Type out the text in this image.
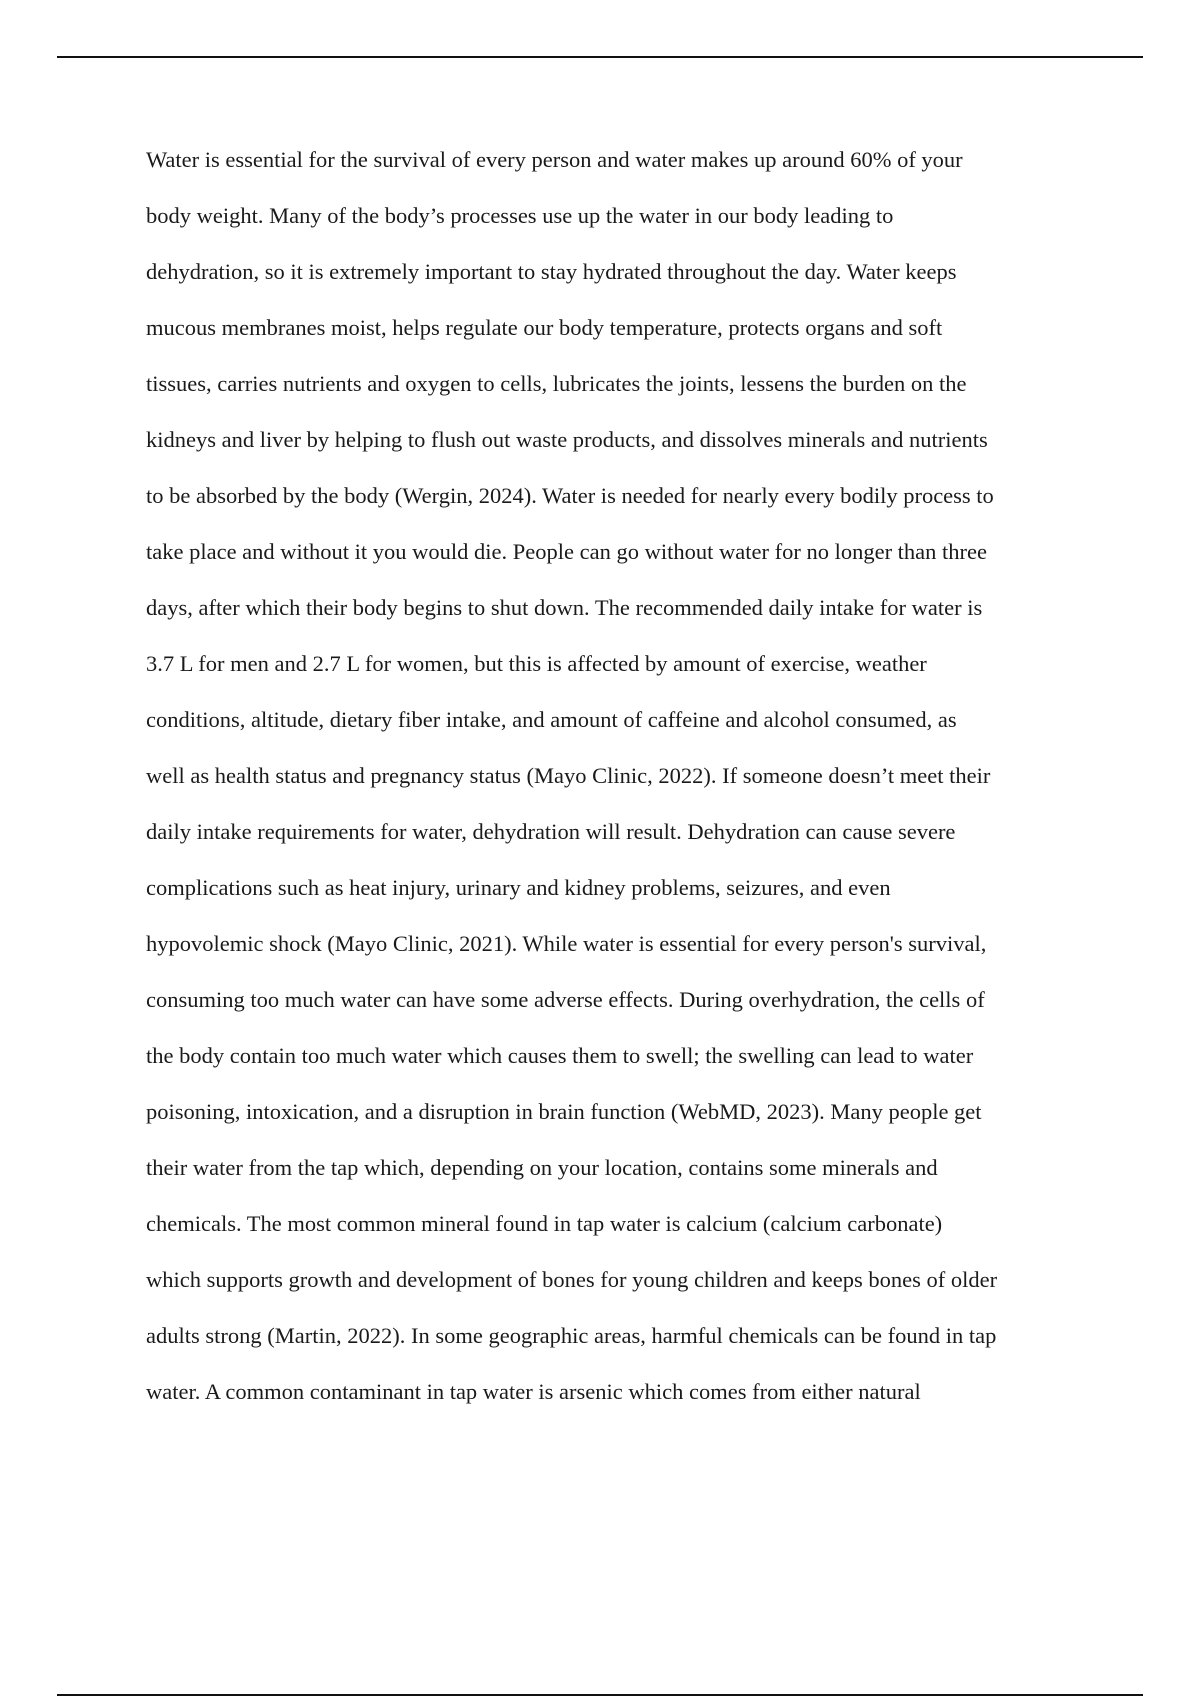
Water is essential for the survival of every person and water makes up around 60% of your
body weight. Many of the body’s processes use up the water in our body leading to
dehydration, so it is extremely important to stay hydrated throughout the day. Water keeps
mucous membranes moist, helps regulate our body temperature, protects organs and soft
tissues, carries nutrients and oxygen to cells, lubricates the joints, lessens the burden on the
kidneys and liver by helping to flush out waste products, and dissolves minerals and nutrients
to be absorbed by the body (Wergin, 2024). Water is needed for nearly every bodily process to
take place and without it you would die. People can go without water for no longer than three
days, after which their body begins to shut down. The recommended daily intake for water is
3.7 L for men and 2.7 L for women, but this is affected by amount of exercise, weather
conditions, altitude, dietary fiber intake, and amount of caffeine and alcohol consumed, as
well as health status and pregnancy status (Mayo Clinic, 2022). If someone doesn’t meet their
daily intake requirements for water, dehydration will result. Dehydration can cause severe
complications such as heat injury, urinary and kidney problems, seizures, and even
hypovolemic shock (Mayo Clinic, 2021). While water is essential for every person's survival,
consuming too much water can have some adverse effects. During overhydration, the cells of
the body contain too much water which causes them to swell; the swelling can lead to water
poisoning, intoxication, and a disruption in brain function (WebMD, 2023). Many people get
their water from the tap which, depending on your location, contains some minerals and
chemicals. The most common mineral found in tap water is calcium (calcium carbonate)
which supports growth and development of bones for young children and keeps bones of older
adults strong (Martin, 2022). In some geographic areas, harmful chemicals can be found in tap
water. A common contaminant in tap water is arsenic which comes from either natural
